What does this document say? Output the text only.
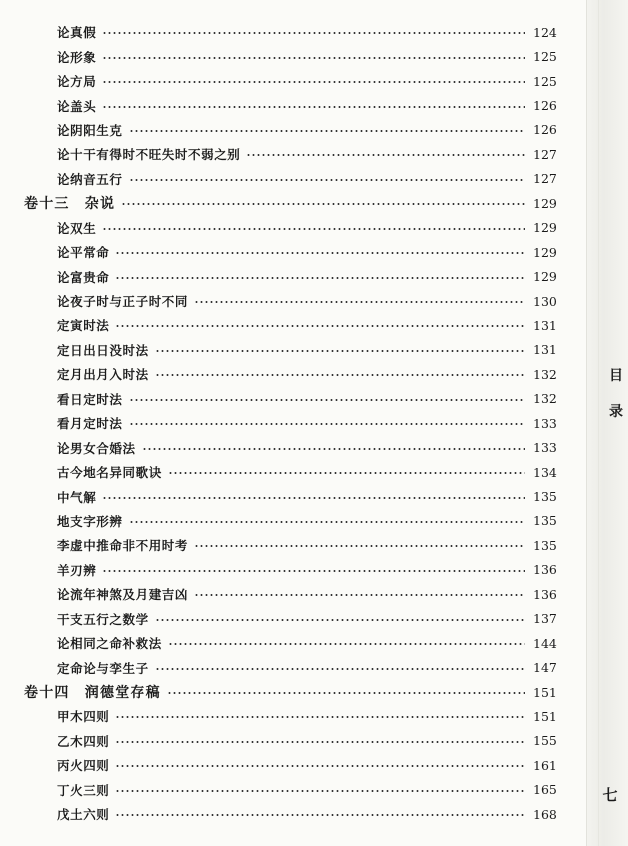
论真假	124
论形象	125
论方局	125
论盖头	126
论阴阳生克	126
论十干有得时不旺失时不弱之别	127
论纳音五行	127
卷十三　杂说	129
论双生	129
论平常命	129
论富贵命	129
论夜子时与正子时不同	130
定寅时法	131
定日出日没时法	131
定月出月入时法	132
看日定时法	132
看月定时法	133
论男女合婚法	133
古今地名异同歌诀	134
中气解	135
地支字形辨	135
李虚中推命非不用时考	135
羊刃辨	136
论流年神煞及月建吉凶	136
干支五行之数学	137
论相同之命补救法	144
定命论与孪生子	147
卷十四　润德堂存稿	151
甲木四则	151
乙木四则	155
丙火四则	161
丁火三则	165
戊土六则	168
目
录
七
